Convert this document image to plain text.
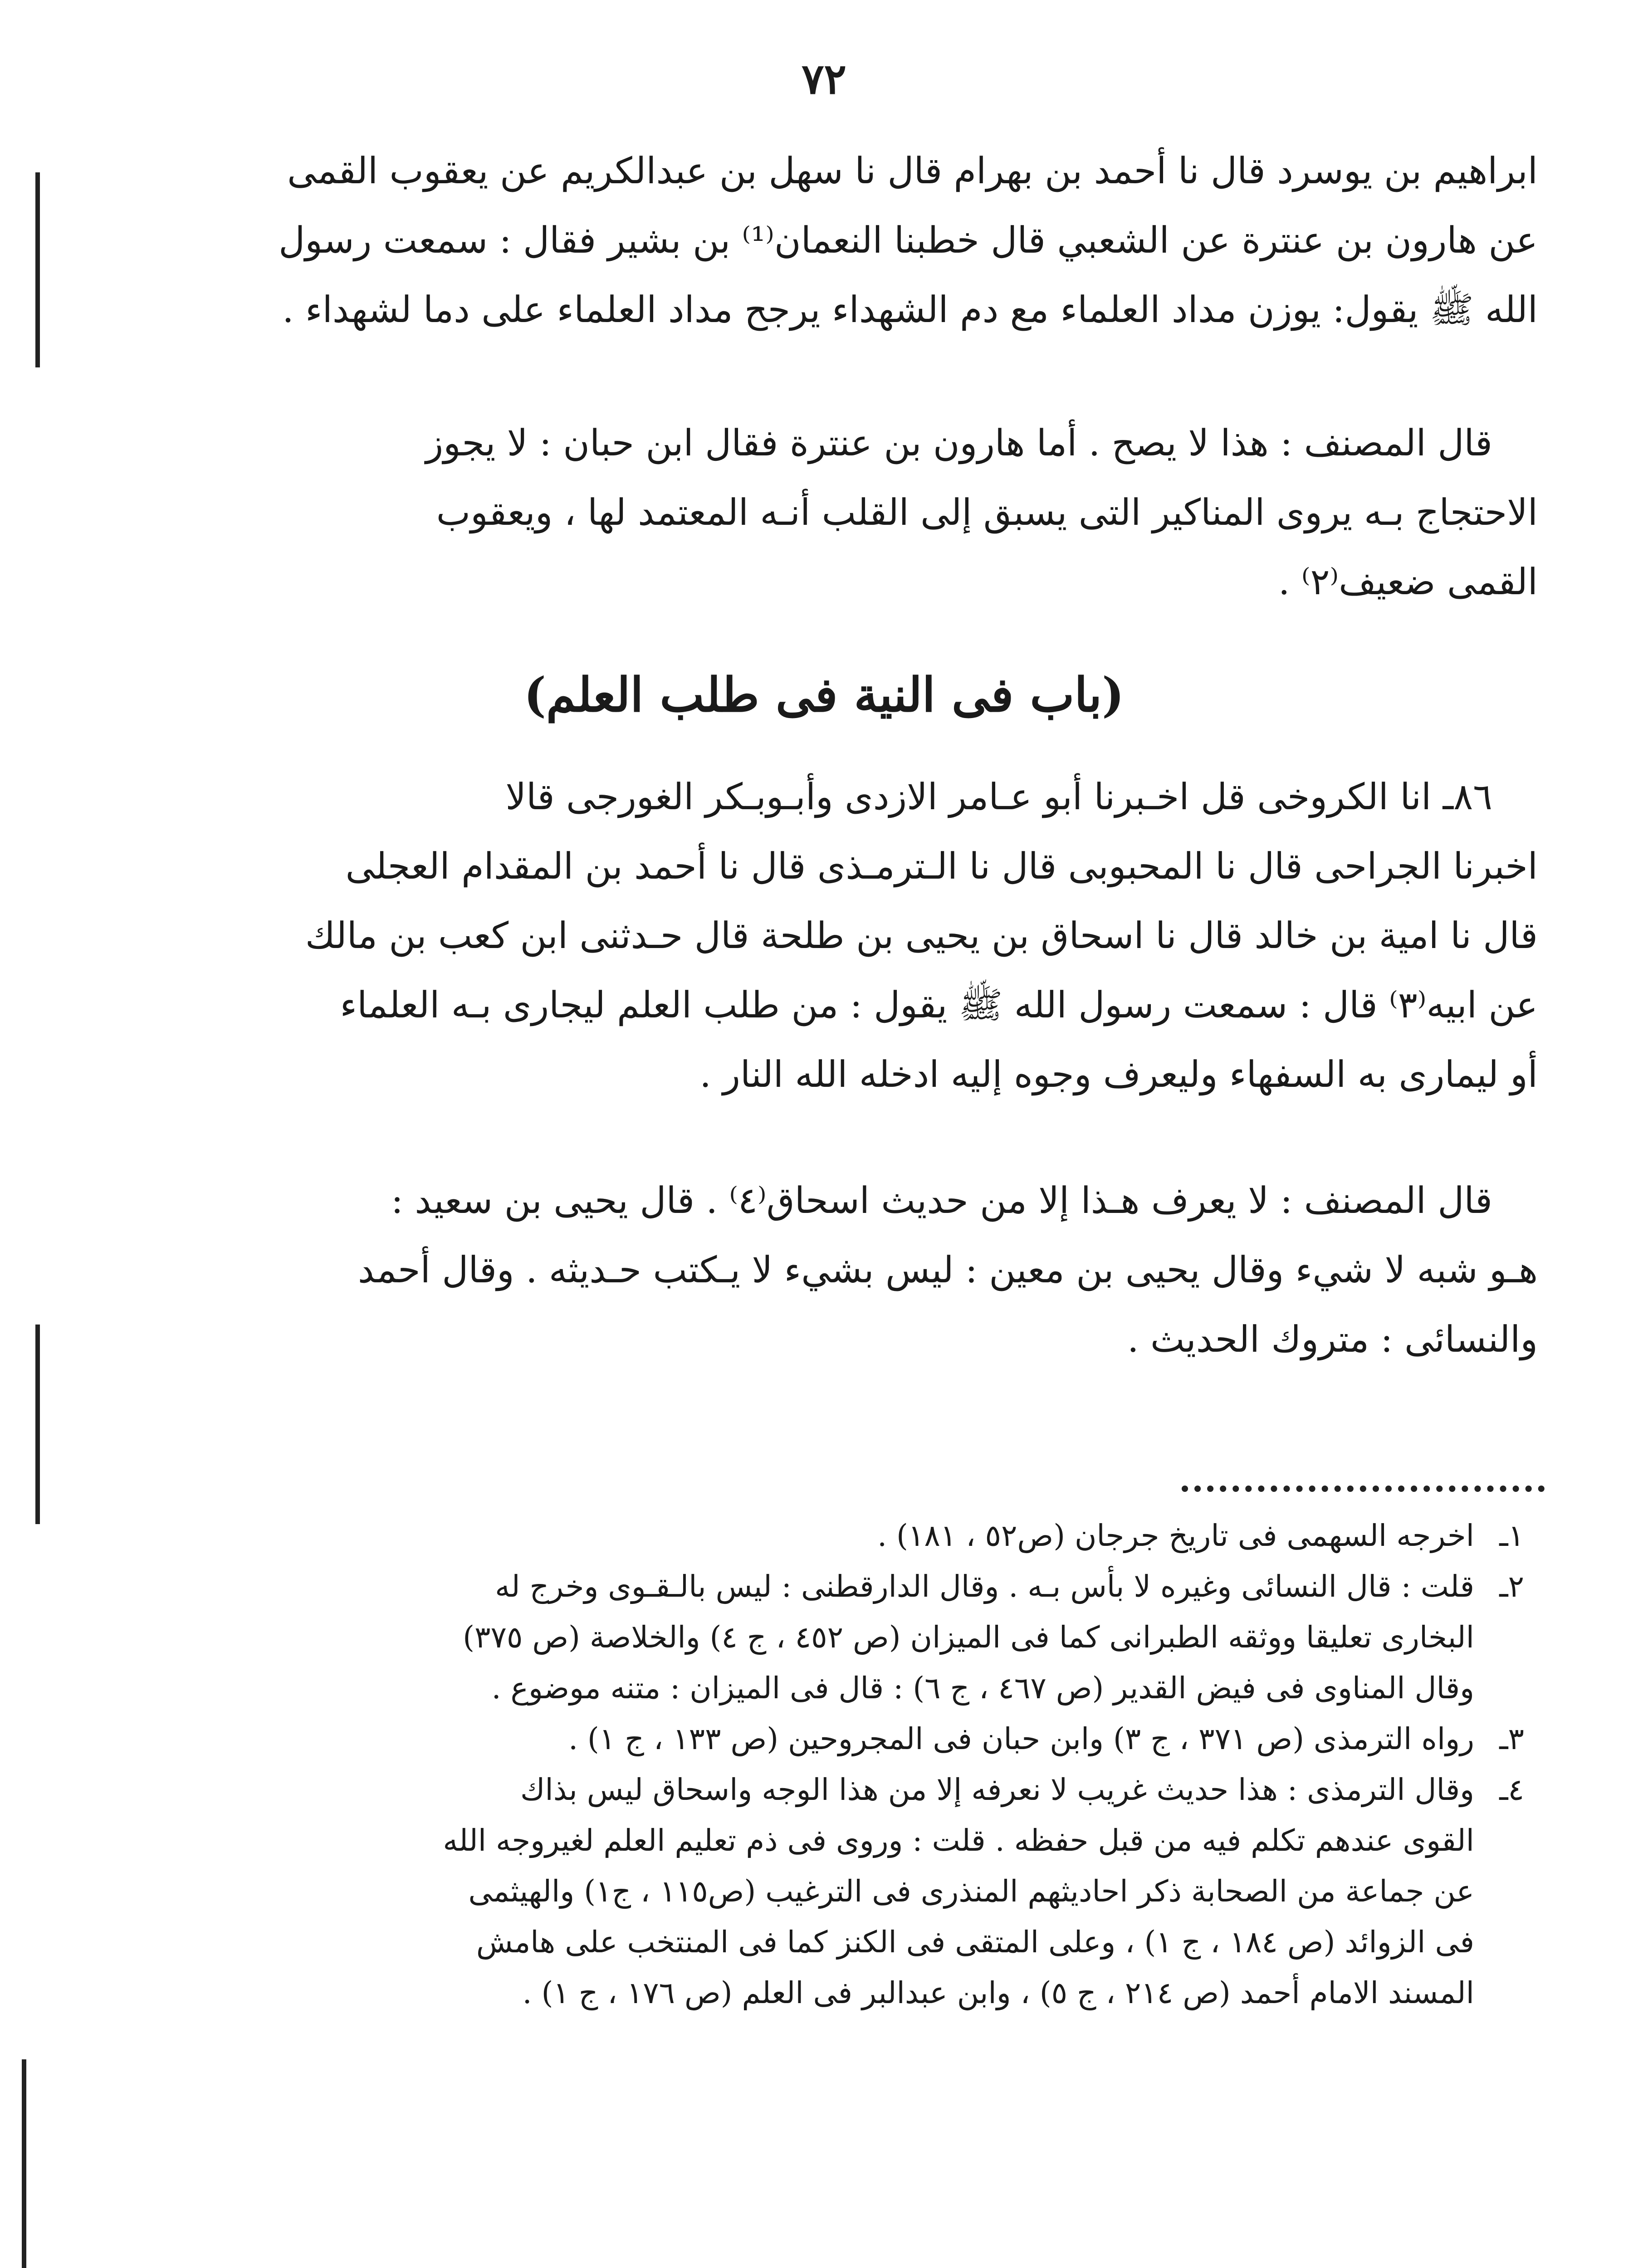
٧٢

ابراهيم بن يوسرد قال نا أحمد بن بهرام قال نا سهل بن عبدالكريم عن يعقوب القمى

عن هارون بن عنترة عن الشعبي قال خطبنا النعمان⁽¹⁾ بن بشير فقال : سمعت رسول

الله ﷺ يقول: يوزن مداد العلماء مع دم الشهداء يرجح مداد العلماء على دما لشهداء .

قال المصنف : هذا لا يصح . أما هارون بن عنترة فقال ابن حبان : لا يجوز

الاحتجاج بـه يروى المناكير التى يسبق إلى القلب أنـه المعتمد لها ، ويعقوب

القمى ضعيف⁽٢⁾ .

(باب فى النية فى طلب العلم)

٨٦ـ انا الكروخى قل اخـبرنا أبو عـامر الازدى وأبـوبـكر الغورجى قالا

اخبرنا الجراحى قال نا المحبوبى قال نا الـترمـذى قال نا أحمد بن المقدام العجلى

قال نا امية بن خالد قال نا اسحاق بن يحيى بن طلحة قال حـدثنى ابن كعب بن مالك

عن ابيه⁽٣⁾ قال : سمعت رسول الله ﷺ يقول : من طلب العلم ليجارى بـه العلماء

أو ليمارى به السفهاء وليعرف وجوه إليه ادخله الله النار .

قال المصنف : لا يعرف هـذا إلا من حديث اسحاق⁽٤⁾ . قال يحيى بن سعيد :

هـو شبه لا شيء وقال يحيى بن معين : ليس بشيء لا يـكتب حـديثه . وقال أحمد

والنسائى : متروك الحديث .

١ـ
اخرجه السهمى فى تاريخ جرجان (ص٥٢ ، ١٨١) .
٢ـ
قلت : قال النسائى وغيره لا بأس بـه . وقال الدارقطنى : ليس بالـقـوى وخرج له
البخارى تعليقا ووثقه الطبرانى كما فى الميزان (ص ٤٥٢ ، ج ٤) والخلاصة (ص ٣٧٥)
وقال المناوى فى فيض القدير (ص ٤٦٧ ، ج ٦) : قال فى الميزان : متنه موضوع .
٣ـ
رواه الترمذى (ص ٣٧١ ، ج ٣) وابن حبان فى المجروحين (ص ١٣٣ ، ج ١) .
٤ـ
وقال الترمذى : هذا حديث غريب لا نعرفه إلا من هذا الوجه واسحاق ليس بذاك
القوى عندهم تكلم فيه من قبل حفظه . قلت : وروى فى ذم تعليم العلم لغيروجه الله
عن جماعة من الصحابة ذكر احاديثهم المنذرى فى الترغيب (ص١١٥ ، ج١) والهيثمى
فى الزوائد (ص ١٨٤ ، ج ١) ، وعلى المتقى فى الكنز كما فى المنتخب على هامش
المسند الامام أحمد (ص ٢١٤ ، ج ٥) ، وابن عبدالبر فى العلم (ص ١٧٦ ، ج ١) .
